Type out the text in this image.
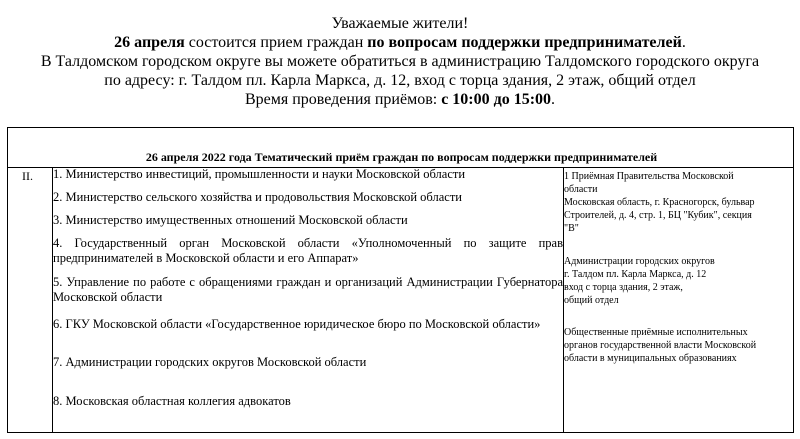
Уважаемые жители!
26 апреля состоится прием граждан по вопросам поддержки предпринимателей.
В Талдомском городском округе вы можете обратиться в администрацию Талдомского городского округа
по адресу: г. Талдом пл. Карла Маркса, д. 12, вход с торца здания, 2 этаж, общий отдел
Время проведения приёмов: с 10:00 до 15:00.
26 апреля 2022 года Тематический приём граждан по вопросам поддержки предпринимателей
II. 1. Министерство инвестиций, промышленности и науки Московской области
2. Министерство сельского хозяйства и продовольствия Московской области
3. Министерство имущественных отношений Московской области
4. Государственный орган Московской области «Уполномоченный по защите прав предпринимателей в Московской области и его Аппарат»
5. Управление по работе с обращениями граждан и организаций Администрации Губернатора Московской области
6. ГКУ Московской области «Государственное юридическое бюро по Московской области»
7. Администрации городских округов Московской области
8. Московская областная коллегия адвокатов
1 Приёмная Правительства Московской
области
Московская область, г. Красногорск, бульвар
Строителей, д. 4, стр. 1, БЦ "Кубик", секция
"В"
Администрации городских округов
г. Талдом пл. Карла Маркса, д. 12
вход с торца здания, 2 этаж,
общий отдел
Общественные приёмные исполнительных
органов государственной власти Московской
области в муниципальных образованиях
